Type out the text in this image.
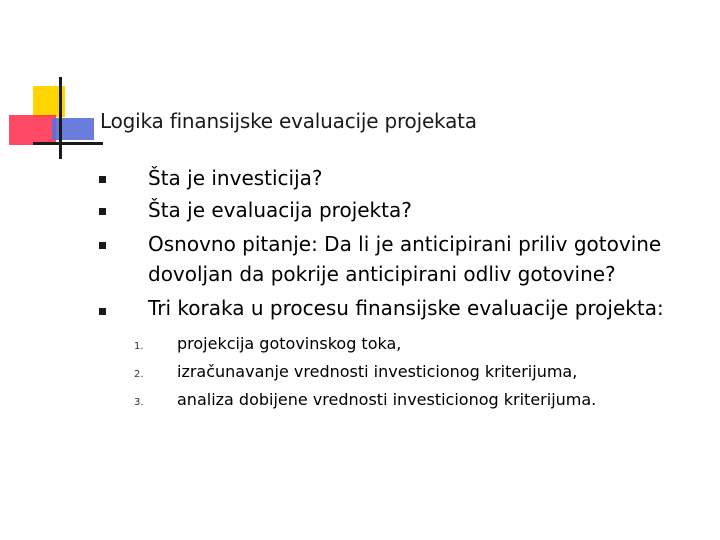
Logika finansijske evaluacije projekata
Šta je investicija?
Šta je evaluacija projekta?
Osnovno pitanje: Da li je anticipirani priliv gotovine
dovoljan da pokrije anticipirani odliv gotovine?
Tri koraka u procesu finansijske evaluacije projekta:
1. projekcija gotovinskog toka,
2. izračunavanje vrednosti investicionog kriterijuma,
3. analiza dobijene vrednosti investicionog kriterijuma.
